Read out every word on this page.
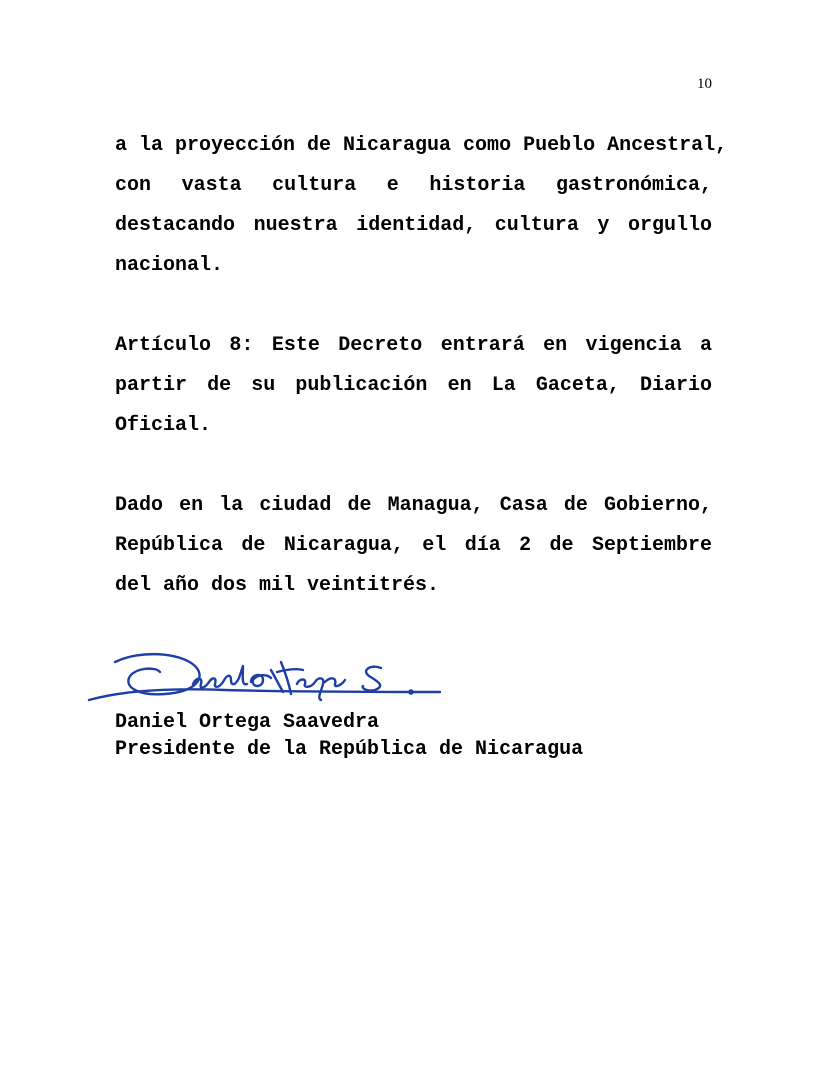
10

a la proyección de Nicaragua como Pueblo Ancestral,
con vasta cultura e historia gastronómica,
destacando nuestra identidad, cultura y orgullo
nacional.

Artículo 8: Este Decreto entrará en vigencia a
partir de su publicación en La Gaceta, Diario
Oficial.

Dado en la ciudad de Managua, Casa de Gobierno,
República de Nicaragua, el día 2 de Septiembre
del año dos mil veintitrés.

Daniel Ortega Saavedra
Presidente de la República de Nicaragua
